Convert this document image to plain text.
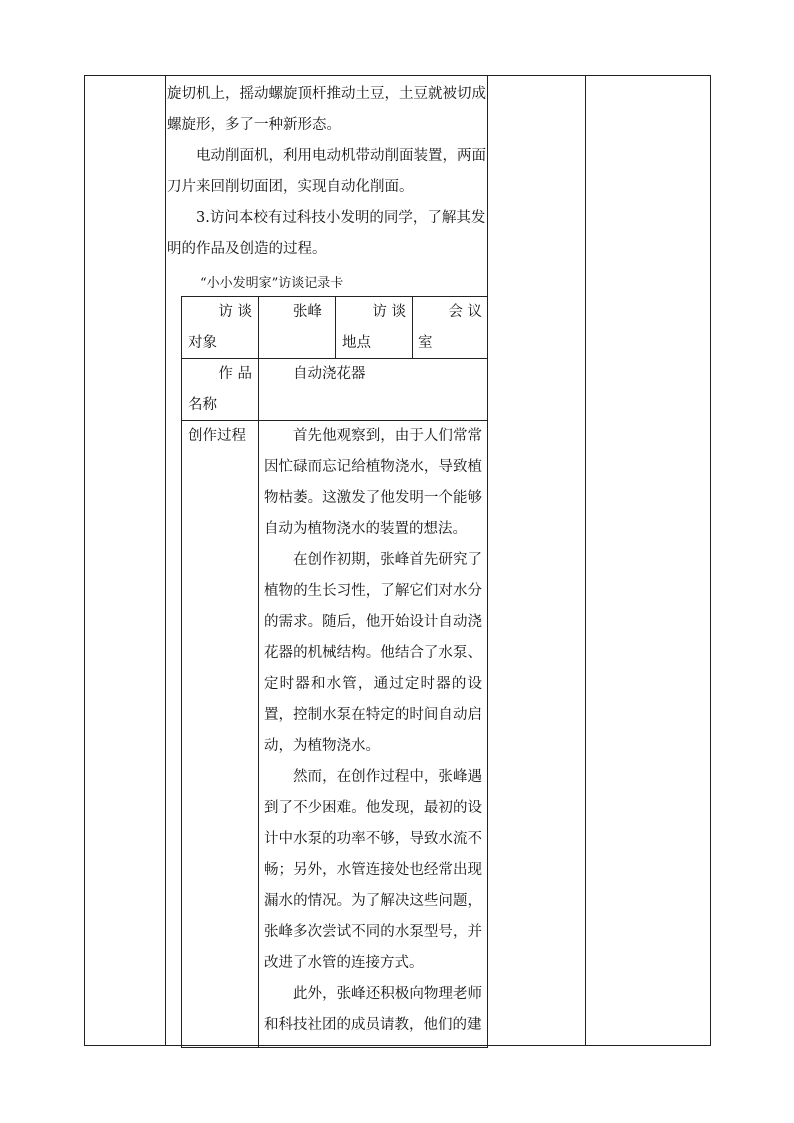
旋切机上，摇动螺旋顶杆推动土豆，土豆就被切成螺旋形，多了一种新形态。

电动削面机，利用电动机带动削面装置，两面刀片来回削切面团，实现自动化削面。

3.访问本校有过科技小发明的同学，了解其发明的作品及创造的过程。

“小小发明家”访谈记录卡

访 谈
对象
张峰	访 谈
地点
会 议
室
作 品
名称
自动浇花器
创作过程	首先他观察到，由于人们常常因忙碌而忘记给植物浇水，导致植物枯萎。这激发了他发明一个能够自动为植物浇水的装置的想法。

在创作初期，张峰首先研究了植物的生长习性，了解它们对水分的需求。随后，他开始设计自动浇花器的机械结构。他结合了水泵、定时器和水管，通过定时器的设置，控制水泵在特定的时间自动启动，为植物浇水。

然而，在创作过程中，张峰遇到了不少困难。他发现，最初的设计中水泵的功率不够，导致水流不畅；另外，水管连接处也经常出现漏水的情况。为了解决这些问题，张峰多次尝试不同的水泵型号，并改进了水管的连接方式。

此外，张峰还积极向物理老师和科技社团的成员请教，他们的建
